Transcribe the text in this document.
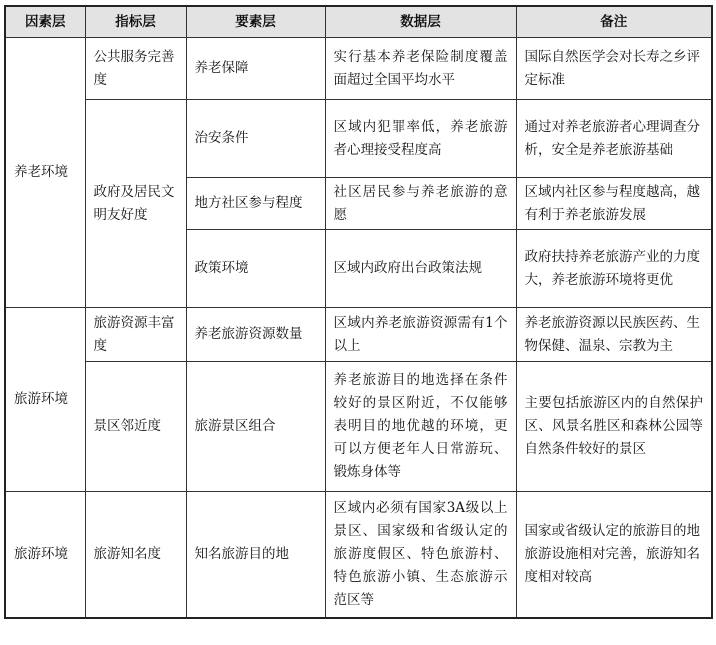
因素层	指标层	要素层	数据层	备注
养老环境	公共服务完善度	养老保障	实行基本养老保险制度覆盖面超过全国平均水平	国际自然医学会对长寿之乡评定标准
	政府及居民文明友好度	治安条件	区域内犯罪率低，养老旅游者心理接受程度高	通过对养老旅游者心理调查分析，安全是养老旅游基础
		地方社区参与程度	社区居民参与养老旅游的意愿	区域内社区参与程度越高，越有利于养老旅游发展
		政策环境	区域内政府出台政策法规	政府扶持养老旅游产业的力度大，养老旅游环境将更优
旅游环境	旅游资源丰富度	养老旅游资源数量	区域内养老旅游资源需有1个以上	养老旅游资源以民族医药、生物保健、温泉、宗教为主
	景区邻近度	旅游景区组合	养老旅游目的地选择在条件较好的景区附近，不仅能够表明目的地优越的环境，更可以方便老年人日常游玩、锻炼身体等	主要包括旅游区内的自然保护区、风景名胜区和森林公园等自然条件较好的景区
旅游环境	旅游知名度	知名旅游目的地	区域内必须有国家3A级以上景区、国家级和省级认定的旅游度假区、特色旅游村、特色旅游小镇、生态旅游示范区等	国家或省级认定的旅游目的地旅游设施相对完善，旅游知名度相对较高
